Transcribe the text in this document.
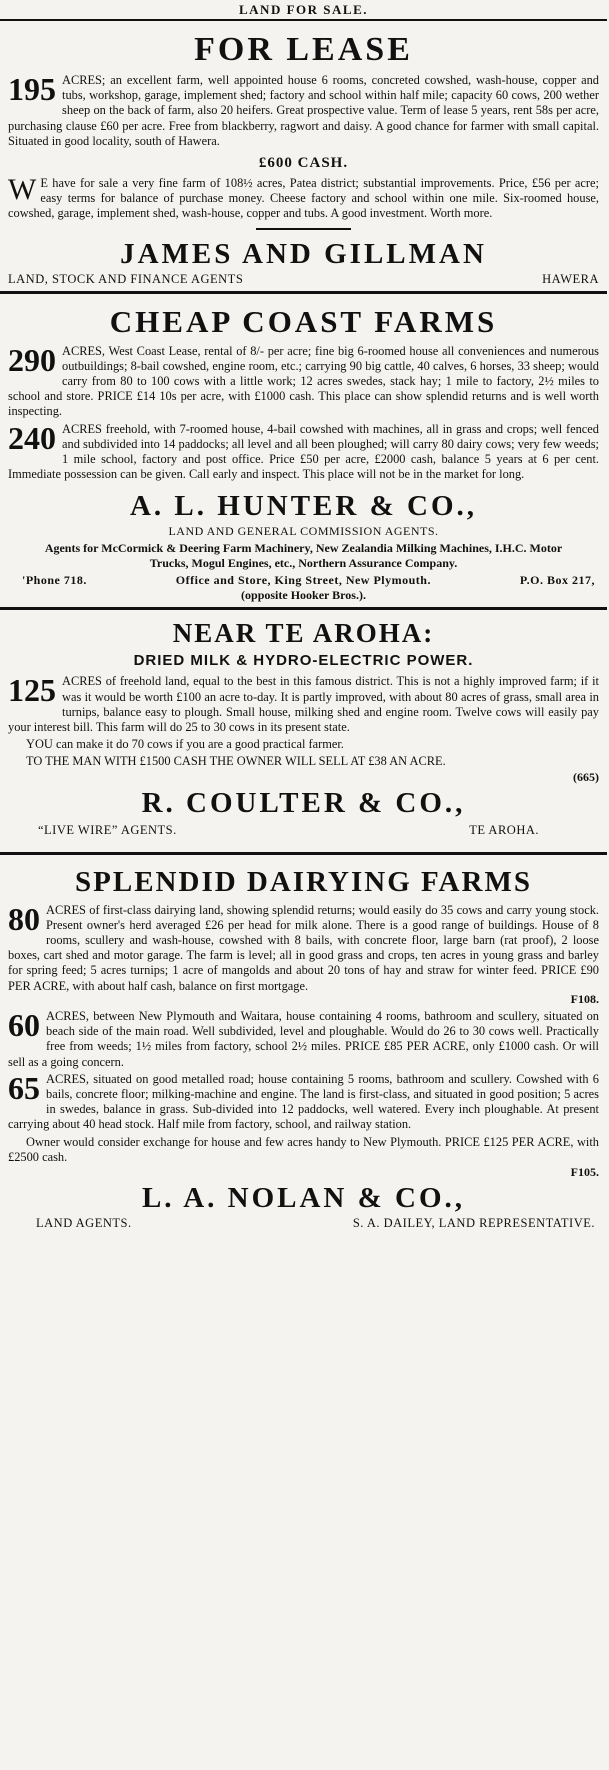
LAND FOR SALE.
FOR LEASE

195 ACRES; an excellent farm, well appointed house 6 rooms, concreted cowshed, wash-house, copper and tubs, workshop, garage, implement shed; factory and school within half mile; capacity 60 cows, 200 wether sheep on the back of farm, also 20 heifers. Great prospective value. Term of lease 5 years, rent 58s per acre, purchasing clause £60 per acre. Free from blackberry, ragwort and daisy. A good chance for farmer with small capital. Situated in good locality, south of Hawera.

£600 CASH.

W E have for sale a very fine farm of 108½ acres, Patea district; substantial improvements. Price, £56 per acre; easy terms for balance of purchase money. Cheese factory and school within one mile. Six-roomed house, cowshed, garage, implement shed, wash-house, copper and tubs. A good investment. Worth more.

JAMES AND GILLMAN
LAND, STOCK AND FINANCE AGENTS	HAWERA
CHEAP COAST FARMS

290 ACRES, West Coast Lease, rental of 8/- per acre; fine big 6-roomed house all conveniences and numerous outbuildings; 8-bail cowshed, engine room, etc.; carrying 90 big cattle, 40 calves, 6 horses, 33 sheep; would carry from 80 to 100 cows with a little work; 12 acres swedes, stack hay; 1 mile to factory, 2½ miles to school and store. PRICE £14 10s per acre, with £1000 cash. This place can show splendid returns and is well worth inspecting.

240 ACRES freehold, with 7-roomed house, 4-bail cowshed with machines, all in grass and crops; well fenced and subdivided into 14 paddocks; all level and all been ploughed; will carry 80 dairy cows; very few weeds; 1 mile school, factory and post office. Price £50 per acre, £2000 cash, balance 5 years at 6 per cent. Immediate possession can be given. Call early and inspect. This place will not be in the market for long.

A. L. HUNTER & CO.,
LAND AND GENERAL COMMISSION AGENTS.
Agents for McCormick & Deering Farm Machinery, New Zealandia Milking Machines, I.H.C. Motor Trucks, Mogul Engines, etc., Northern Assurance Company.
'Phone 718.	Office and Store, King Street, New Plymouth.	P.O. Box 217,
(opposite Hooker Bros.).
NEAR TE AROHA:
DRIED MILK & HYDRO-ELECTRIC POWER.

125 ACRES of freehold land, equal to the best in this famous district. This is not a highly improved farm; if it was it would be worth £100 an acre to-day. It is partly improved, with about 80 acres of grass, small area in turnips, balance easy to plough. Small house, milking shed and engine room. Twelve cows will easily pay your interest bill. This farm will do 25 to 30 cows in its present state.

YOU can make it do 70 cows if you are a good practical farmer.

TO THE MAN WITH £1500 CASH THE OWNER WILL SELL AT £38 AN ACRE.

(665)
R. COULTER & CO.,
“LIVE WIRE” AGENTS.	TE AROHA.
SPLENDID DAIRYING FARMS

80 ACRES of first-class dairying land, showing splendid returns; would easily do 35 cows and carry young stock. Present owner's herd averaged £26 per head for milk alone. There is a good range of buildings. House of 8 rooms, scullery and wash-house, cowshed with 8 bails, with concrete floor, large barn (rat proof), 2 loose boxes, cart shed and motor garage. The farm is level; all in good grass and crops, ten acres in young grass and barley for spring feed; 5 acres turnips; 1 acre of mangolds and about 20 tons of hay and straw for winter feed. PRICE £90 PER ACRE, with about half cash, balance on first mortgage.

F108.

60 ACRES, between New Plymouth and Waitara, house containing 4 rooms, bathroom and scullery, situated on beach side of the main road. Well subdivided, level and ploughable. Would do 26 to 30 cows well. Practically free from weeds; 1½ miles from factory, school 2½ miles. PRICE £85 PER ACRE, only £1000 cash. Or will sell as a going concern.

65 ACRES, situated on good metalled road; house containing 5 rooms, bathroom and scullery. Cowshed with 6 bails, concrete floor; milking-machine and engine. The land is first-class, and situated in good position; 5 acres in swedes, balance in grass. Sub-divided into 12 paddocks, well watered. Every inch ploughable. At present carrying about 40 head stock. Half mile from factory, school, and railway station.

Owner would consider exchange for house and few acres handy to New Plymouth. PRICE £125 PER ACRE, with £2500 cash.

F105.
L. A. NOLAN & CO.,
LAND AGENTS.	S. A. DAILEY, LAND REPRESENTATIVE.
